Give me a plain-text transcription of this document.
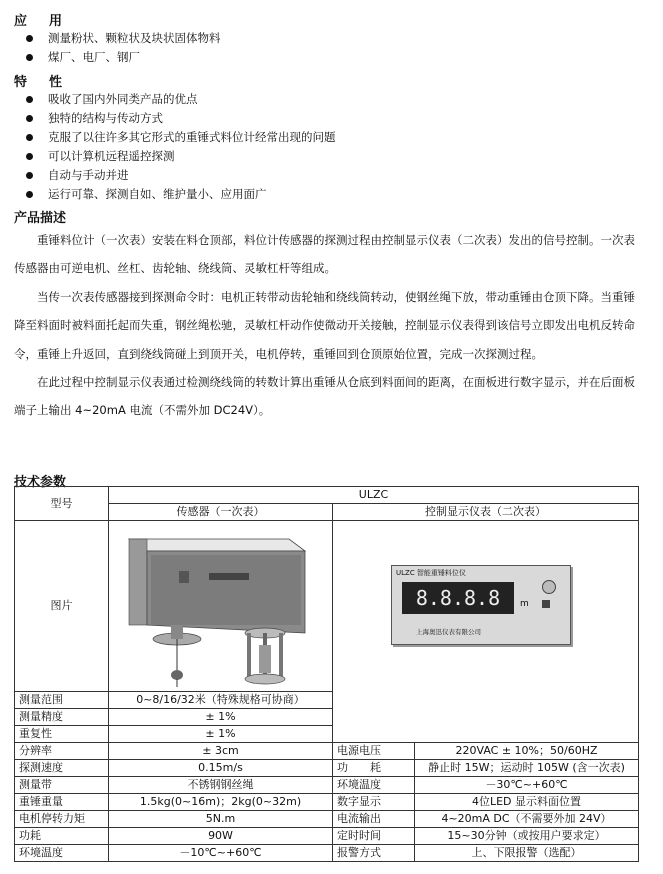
应用
测量粉状、颗粒状及块状固体物料
煤厂、电厂、钢厂
特性
吸收了国内外同类产品的优点
独特的结构与传动方式
克服了以往许多其它形式的重锤式料位计经常出现的问题
可以计算机远程遥控探测
自动与手动并进
运行可靠、探测自如、维护量小、应用面广
产品描述

重锤料位计（一次表）安装在料仓顶部，料位计传感器的探测过程由控制显示仪表（二次表）发出的信号控制。一次表传感器由可逆电机、丝杠、齿轮轴、绕线筒、灵敏杠杆等组成。

当传一次表传感器接到探测命令时：电机正转带动齿轮轴和绕线筒转动，使钢丝绳下放，带动重锤由仓顶下降。当重锤降至料面时被料面托起而失重，钢丝绳松驰，灵敏杠杆动作使微动开关接触，控制显示仪表得到该信号立即发出电机反转命令，重锤上升返回，直到绕线筒碰上到顶开关，电机停转，重锤回到仓顶原始位置，完成一次探测过程。

在此过程中控制显示仪表通过检测绕线筒的转数计算出重锤从仓底到料面间的距离，在面板进行数字显示，并在后面板端子上输出 4~20mA 电流（不需外加 DC24V）。

技术参数
型号	ULZC		
	传感器（一次表）	控制显示仪表（二次表）	
图片		ULZC 智能重锤料位仪
8.8.8.8 m
上海奥迅仪表有限公司	

测量范围	0~8/16/32米（特殊规格可协商）		
测量精度	± 1%		
重复性	± 1%		
分辨率	± 3cm	电源电压	220VAC ± 10%；50/60HZ
探测速度	0.15m/s	功　　耗	静止时 15W；运动时 105W (含一次表)
测量带	不锈钢钢丝绳	环境温度	－30℃~+60℃
重锤重量	1.5kg(0~16m)；2kg(0~32m)	数字显示	4位LED 显示料面位置
电机停转力矩	5N.m	电流输出	4~20mA DC（不需要外加 24V）
功耗	90W	定时时间	15~30分钟（或按用户要求定）
环境温度	－10℃~+60℃	报警方式	上、下限报警（选配）
